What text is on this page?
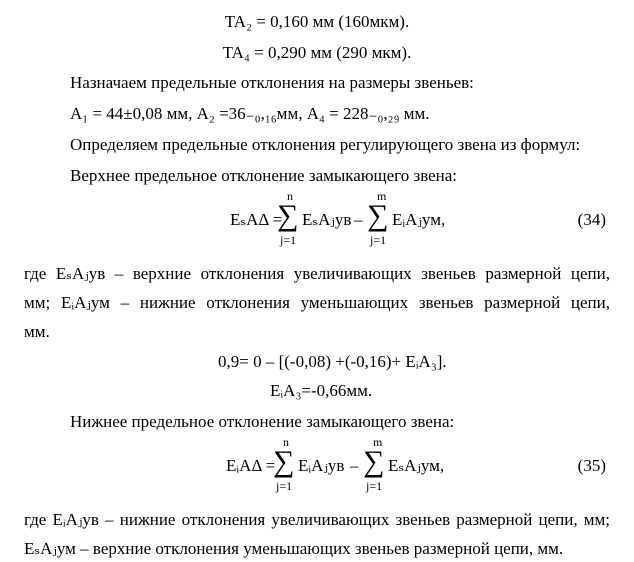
TA₂ = 0,160 мм (160мкм).
TA₄ = 0,290 мм (290 мкм).
Назначаем предельные отклонения на размеры звеньев:
A₁ = 44±0,08 мм, A₂ =36₋₀,₁₆мм, A₄ = 228₋₀,₂₉ мм.
Определяем предельные отклонения регулирующего звена из формул:
Верхнее предельное отклонение замыкающего звена:
EₛAΔ =
n
∑
j=1
EₛAⱼув –
m
∑
j=1
EᵢAⱼум,	(34)
где EₛAⱼув – верхние отклонения увеличивающих звеньев размерной цепи,
мм; EᵢAⱼум – нижние отклонения уменьшающих звеньев размерной цепи,
мм.
0,9= 0 – [(-0,08) +(-0,16)+ EᵢA₃].
EᵢA₃=-0,66мм.
Нижнее предельное отклонение замыкающего звена:
EᵢAΔ =
n
∑
j=1
EᵢAⱼув –
m
∑
j=1
EₛAⱼум,	(35)
где EᵢAⱼув – нижние отклонения увеличивающих звеньев размерной цепи, мм;
EₛAⱼум – верхние отклонения уменьшающих звеньев размерной цепи, мм.
